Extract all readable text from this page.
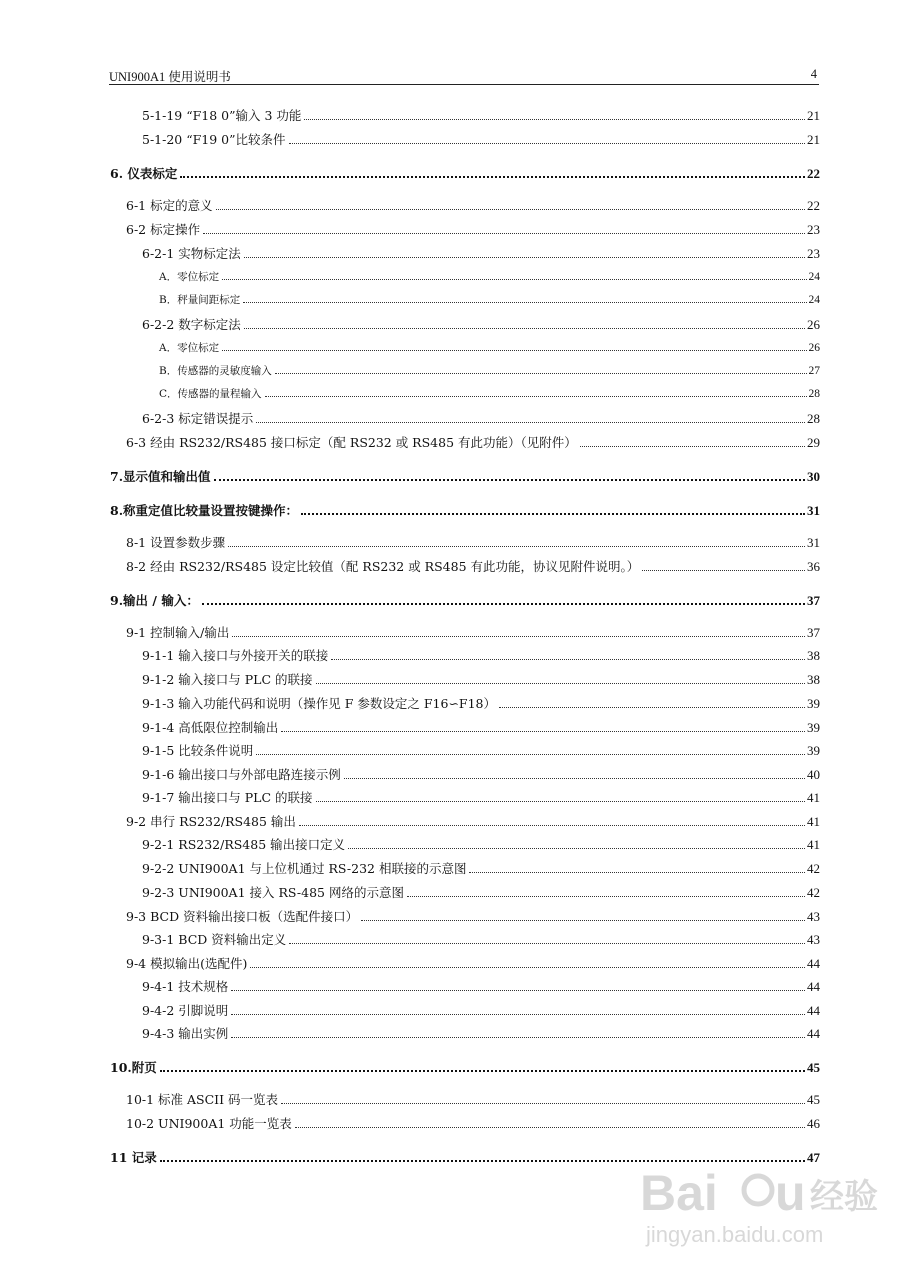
UNI900A1 使用说明书	4
5-1-19 “F18 0”输入 3 功能	21
5-1-20 “F19 0”比较条件	21
6. 仪表标定	22
6-1 标定的意义	22
6-2 标定操作	23
6-2-1 实物标定法	23
A．零位标定	24
B．秤量间距标定	24
6-2-2 数字标定法	26
A．零位标定	26
B．传感器的灵敏度输入	27
C．传感器的量程输入	28
6-2-3 标定错误提示	28
6-3 经由 RS232/RS485 接口标定（配 RS232 或 RS485 有此功能）（见附件）	29
7.显示值和输出值	30
8.称重定值比较量设置按键操作：	31
8-1 设置参数步骤	31
8-2 经由 RS232/RS485 设定比较值（配 RS232 或 RS485 有此功能，协议见附件说明。）	36
9.输出 / 输入：	37
9-1 控制输入/输出	37
9-1-1 输入接口与外接开关的联接	38
9-1-2 输入接口与 PLC 的联接	38
9-1-3 输入功能代码和说明（操作见 F 参数设定之 F16∽F18）	39
9-1-4 高低限位控制输出	39
9-1-5 比较条件说明	39
9-1-6 输出接口与外部电路连接示例	40
9-1-7 输出接口与 PLC 的联接	41
9-2 串行 RS232/RS485 输出	41
9-2-1 RS232/RS485 输出接口定义	41
9-2-2 UNI900A1 与上位机通过 RS-232 相联接的示意图	42
9-2-3 UNI900A1 接入 RS-485 网络的示意图	42
9-3 BCD 资料输出接口板（选配件接口）	43
9-3-1 BCD 资料输出定义	43
9-4 模拟输出(选配件)	44
9-4-1 技术规格	44
9-4-2 引脚说明	44
9-4-3 输出实例	44
10.附页	45
10-1 标准 ASCII 码一览表	45
10-2 UNI900A1 功能一览表	46
11 记录	47
Bai u 经验
jingyan.baidu.com
